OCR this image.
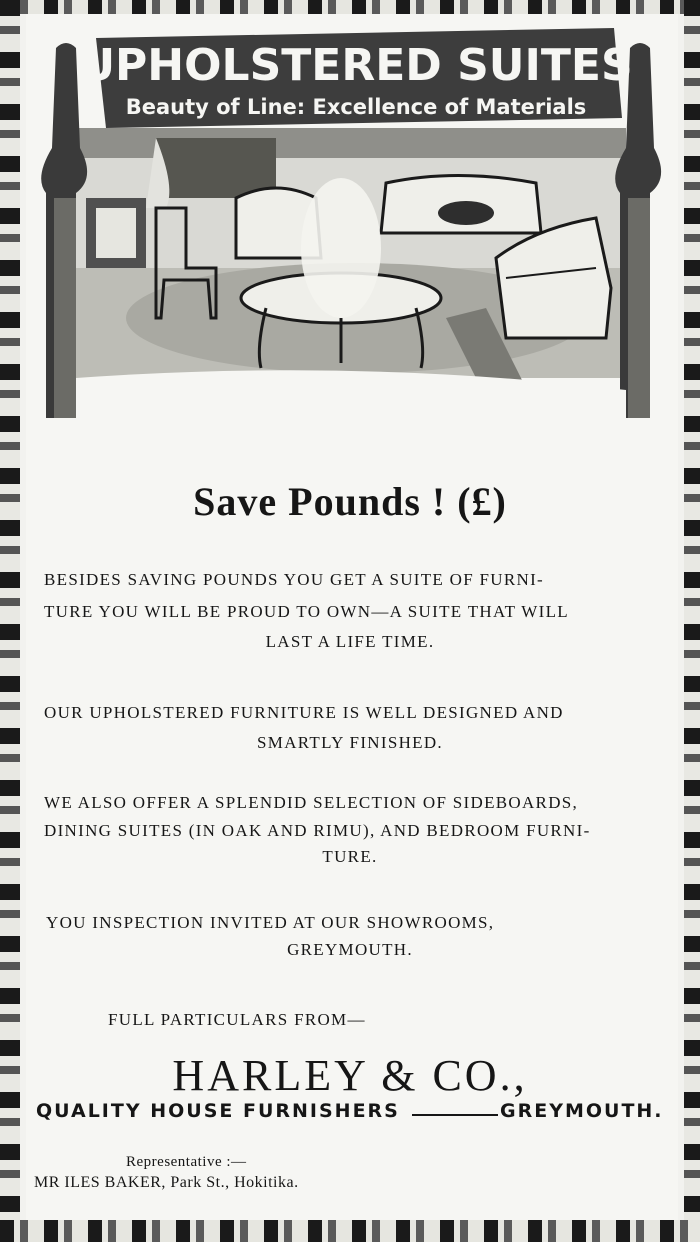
UPHOLSTERED SUITES
Beauty of Line: Excellence of Materials
Save Pounds ! (£)
BESIDES SAVING POUNDS YOU GET A SUITE OF FURNI-
TURE YOU WILL BE PROUD TO OWN—A SUITE THAT WILL
LAST A LIFE TIME.
OUR UPHOLSTERED FURNITURE IS WELL DESIGNED AND
SMARTLY FINISHED.
WE ALSO OFFER A SPLENDID SELECTION OF SIDEBOARDS,
DINING SUITES (IN OAK AND RIMU), AND BEDROOM FURNI-
TURE.
YOU INSPECTION INVITED AT OUR SHOWROOMS,
GREYMOUTH.
FULL PARTICULARS FROM—
HARLEY & CO.,
QUALITY HOUSE FURNISHERS	GREYMOUTH.
Representative :—
MR ILES BAKER, Park St., Hokitika.
